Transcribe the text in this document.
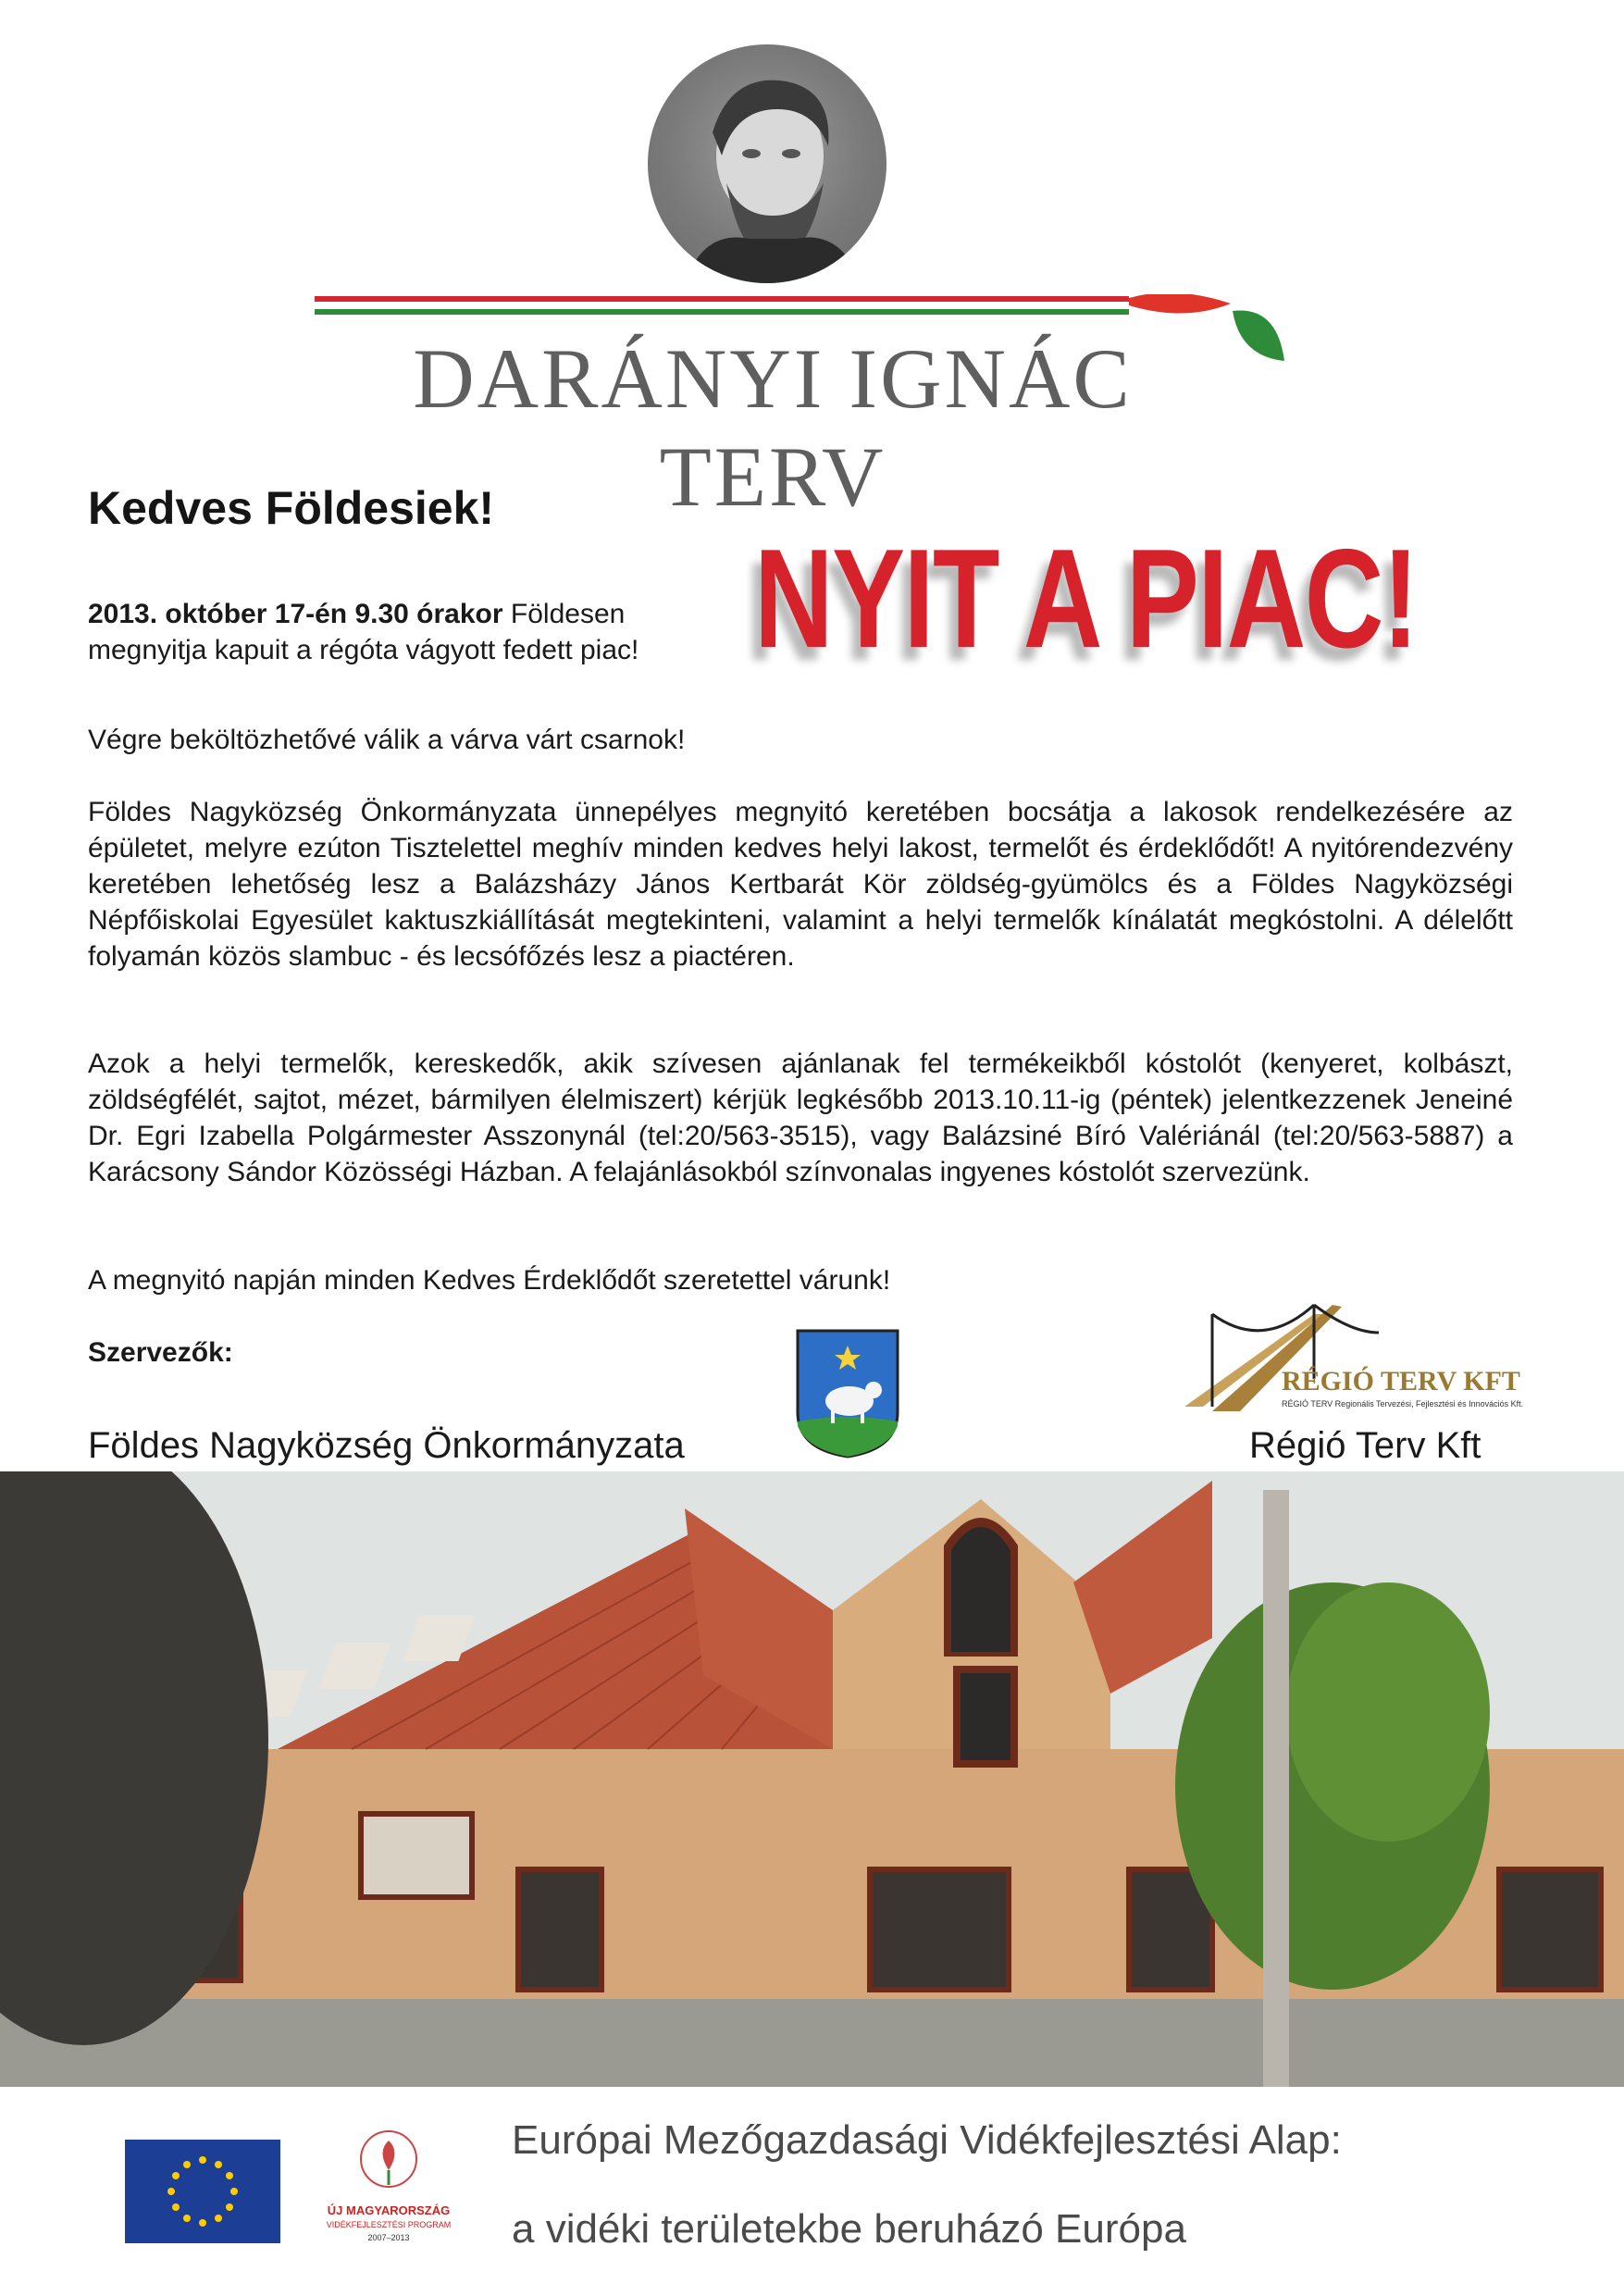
DARÁNYI IGNÁC TERV
Kedves Földesiek!
NYIT A PIAC!
2013. október 17-én 9.30 órakor Földesen megnyitja kapuit a régóta vágyott fedett piac!
Végre beköltözhetővé válik a várva várt csarnok!
Földes Nagyközség Önkormányzata ünnepélyes megnyitó keretében bocsátja a lakosok rendelkezésére az épületet, melyre ezúton Tisztelettel meghív minden kedves helyi lakost, termelőt és érdeklődőt! A nyitórendezvény keretében lehetőség lesz a Balázsházy János Kertbarát Kör zöldség-gyümölcs és a Földes Nagyközségi Népfőiskolai Egyesület kaktuszkiállítását megtekinteni, valamint a helyi termelők kínálatát megkóstolni. A délelőtt folyamán közös slambuc - és lecsófőzés lesz a piactéren.
Azok a helyi termelők, kereskedők, akik szívesen ajánlanak fel termékeikből kóstolót (kenyeret, kolbászt, zöldségfélét, sajtot, mézet, bármilyen élelmiszert) kérjük legkésőbb 2013.10.11-ig (péntek) jelentkezzenek Jeneiné Dr. Egri Izabella Polgármester Asszonynál (tel:20/563-3515), vagy Balázsiné Bíró Valériánál (tel:20/563-5887) a Karácsony Sándor Közösségi Házban. A felajánlásokból színvonalas ingyenes kóstolót szervezünk.
A megnyitó napján minden Kedves Érdeklődőt szeretettel várunk!
Szervezők:
RÉGIÓ TERV KFT
RÉGIÓ TERV Regionális Tervezési, Fejlesztési és Innovációs Kft.
Földes Nagyközség Önkormányzata	Régió Terv Kft
ÚJ MAGYARORSZÁG
VIDÉKFEJLESZTÉSI PROGRAM
2007–2013
Európai Mezőgazdasági Vidékfejlesztési Alap:
a vidéki területekbe beruházó Európa
